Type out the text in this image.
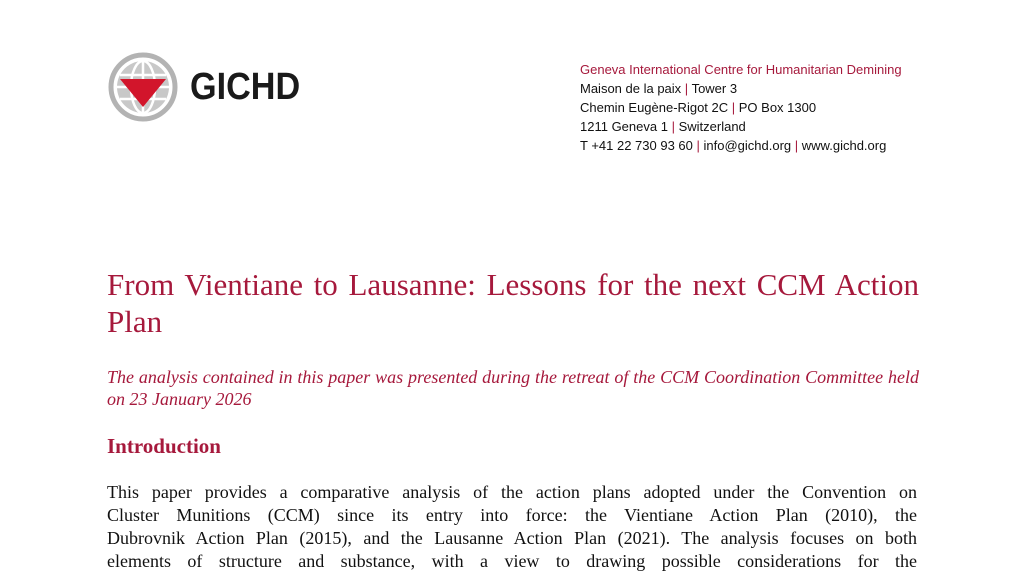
GICHD	Geneva International Centre for Humanitarian Demining
Maison de la paix | Tower 3
Chemin Eugène-Rigot 2C | PO Box 1300
1211 Geneva 1 | Switzerland
T +41 22 730 93 60 | info@gichd.org | www.gichd.org
From Vientiane to Lausanne: Lessons for the next CCM Action Plan
The analysis contained in this paper was presented during the retreat of the CCM Coordination Committee held on 23 January 2026
Introduction
This paper provides a comparative analysis of the action plans adopted under the Convention on
Cluster Munitions (CCM) since its entry into force: the Vientiane Action Plan (2010), the
Dubrovnik Action Plan (2015), and the Lausanne Action Plan (2021). The analysis focuses on both
elements of structure and substance, with a view to drawing possible considerations for the
